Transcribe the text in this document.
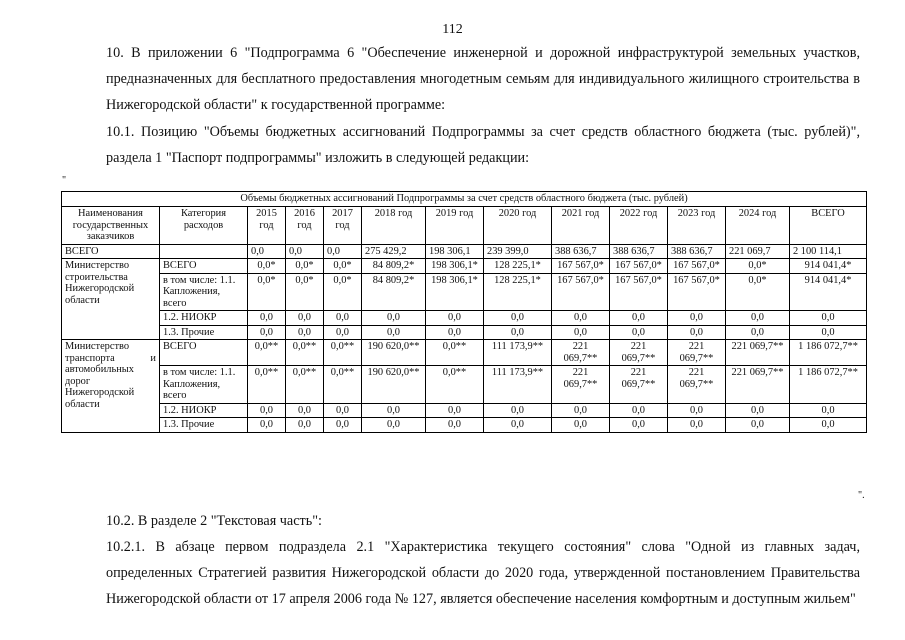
112
10. В приложении 6 "Подпрограмма 6 "Обеспечение инженерной и дорожной инфраструктурой земельных участков, предназначенных для бесплатного предоставления многодетным семьям для индивидуального жилищного строительства в Нижегородской области" к государственной программе:
10.1. Позицию "Объемы бюджетных ассигнований Подпрограммы за счет средств областного бюджета (тыс. рублей)", раздела 1 "Паспорт подпрограммы" изложить в следующей редакции:
"
Объемы бюджетных ассигнований Подпрограммы за счет средств областного бюджета (тыс. рублей)												
Наименования государственных заказчиков	Категория расходов	2015 год	2016 год	2017 год	2018 год	2019 год	2020 год	2021 год	2022 год	2023 год	2024 год	ВСЕГО
ВСЕГО		0,0	0,0	0,0	275 429,2	198 306,1	239 399,0	388 636,7	388 636,7	388 636,7	221 069,7	2 100 114,1
Министерство строительства Нижегородской области	ВСЕГО	0,0*	0,0*	0,0*	84 809,2*	198 306,1*	128 225,1*	167 567,0*	167 567,0*	167 567,0*	0,0*	914 041,4*
	в том числе: 1.1. Капложения, всего	0,0*	0,0*	0,0*	84 809,2*	198 306,1*	128 225,1*	167 567,0*	167 567,0*	167 567,0*	0,0*	914 041,4*
	1.2. НИОКР	0,0	0,0	0,0	0,0	0,0	0,0	0,0	0,0	0,0	0,0	0,0
	1.3. Прочие	0,0	0,0	0,0	0,0	0,0	0,0	0,0	0,0	0,0	0,0	0,0
Министерство транспорта и автомобильных дорог Нижегородской области	ВСЕГО	0,0**	0,0**	0,0**	190 620,0**	0,0**	111 173,9**	221 069,7**	221 069,7**	221 069,7**	221 069,7**	1 186 072,7**
	в том числе: 1.1. Капложения, всего	0,0**	0,0**	0,0**	190 620,0**	0,0**	111 173,9**	221 069,7**	221 069,7**	221 069,7**	221 069,7**	1 186 072,7**
	1.2. НИОКР	0,0	0,0	0,0	0,0	0,0	0,0	0,0	0,0	0,0	0,0	0,0
	1.3. Прочие	0,0	0,0	0,0	0,0	0,0	0,0	0,0	0,0	0,0	0,0	0,0
".
10.2. В разделе 2 "Текстовая часть":
10.2.1. В абзаце первом подраздела 2.1 "Характеристика текущего состояния" слова "Одной из главных задач, определенных Стратегией развития Нижегородской области до 2020 года, утвержденной постановлением Правительства Нижегородской области от 17 апреля 2006 года № 127, является обеспечение населения комфортным и доступным жильем"
